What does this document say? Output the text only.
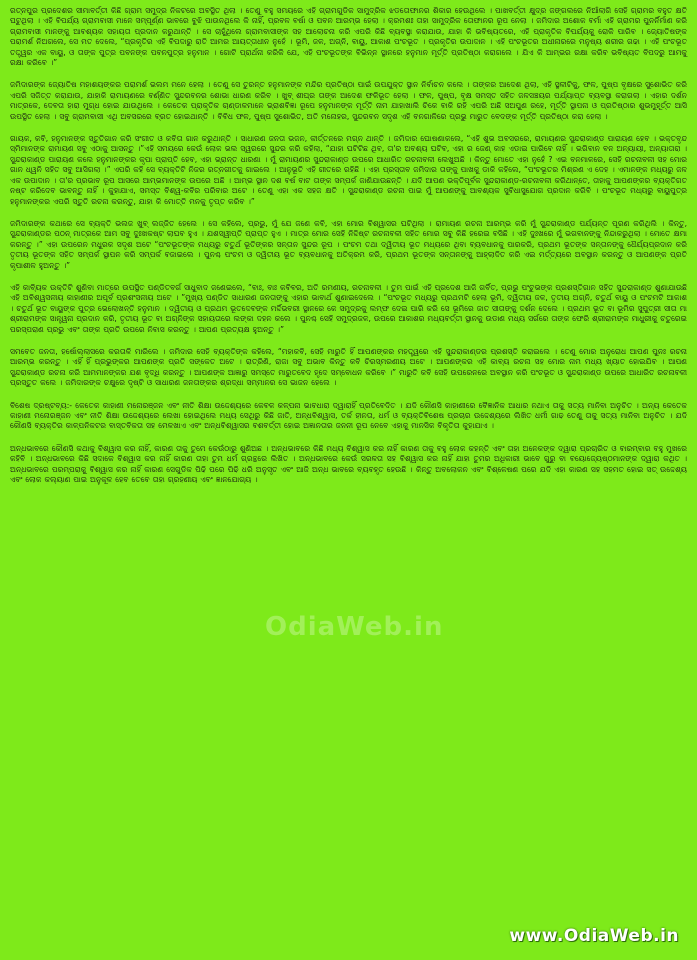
ରତ୍ନପୁର ପ୍ରଦେଶର ସୀମାବର୍ତ୍ତୀ କିଛି ଗ୍ରାମ ସମୁଦ୍ର ନିକଟରେ ଅବସ୍ଥିତ ଥିଲା । ତେଣୁ ବହୁ ସମୟରେ ଏହି ଗ୍ରାମଗୁଡିକ ସାମୁଦ୍ରିକ ଝଡତୋଫାନର ଶିକାର ହେଉଥିଲେ । ପାଖବର୍ତ୍ତୀ କ୍ଷୁଦ୍ର ଜଙ୍ଗଲରେ ନିଆଁଲାଗି ସେହି ଗ୍ରାମର ବହୁତ କ୍ଷତି ଘଟୁଥିଲା । ଏହି ବିପର୍ଯ୍ୟ ଗ୍ରାମବାସୀ ମାନେ ସମ୍ପୂର୍ଣ୍ଣ ଭାବରେ ବୁଝି ପାଉନଥିଲେ କି ନାହିଁ, ପ୍ରବଳ ବର୍ଷା ଓ ପବନ ଆରମ୍ଭ ହେଲା । କ୍ରମଶଃ ତାହା ସାମୁଦ୍ରିକ ତୋଫାନର ରୂପ ନେଲା । ଜମିଦାର ଅଶୋକ ବର୍ମା ଏହି ଗ୍ରାମର ପୁନର୍ନିର୍ମାଣ କରି ଗ୍ରାମବାସୀ ମାନଙ୍କୁ ଆବଶ୍ୟକ ସହାୟତା ପ୍ରଦାନ କରୁଥାନ୍ତି । ସେ ଚାହୁଁଥିଲେ ଗ୍ରାମବାସୀଙ୍କ ସହ ଆଲୋଚନା କରି ଏପରି କିଛି ବ୍ୟବସ୍ଥା କରାଯାଉ, ଯାହା କି ଭବିଷ୍ୟତରେ, ଏହି ପ୍ରାକୃତିକ ବିପର୍ଯ୍ୟକୁ ରୋକି ପାରିବ । ଜ୍ୟୋତିଷଙ୍କ ପରାମର୍ଶ ନିଅଗଲେ, ସେ ମତ ଦେଲେ, “ପ୍ରକୃତିର ଏହି ବିପଦାରୁ ରାତି ଆମର ଆୟତ୍ତାଧୀନ ନୁହେଁ । ଭୂମି, ଜଳ, ଅଗ୍ନି, ବାୟୁ, ଆକାଶ ପଂଚଭୂତ । ପ୍ରକୃତିର ଉପାଦାନ । ଏହି ପଂଚଭୂତର ଅଧୀନାରରେ ମନୁଷ୍ୟ ଶରୀର ଗଢା । ଏହି ପଂଚଭୂତ ତତ୍ତ୍ୱର ଏକ ବାୟୁ, ଓ ତାଙ୍କ ପୁତ୍ର ପବନଙ୍କ ପବନପୁତ୍ର ହନୁମାନ । ଗୋଟି ପ୍ରାର୍ଥନା କରିକି ଯେ, ଏହି ପଂଚଭୂତଙ୍କ ବିଭିନ୍ନ ସ୍ଥାନରେ ହନୁମାନ ମୂର୍ତ୍ତି ପ୍ରତିଷ୍ଠା କରାଗଲେ । ଯିଏ କି ଆମ୍ଭର ରକ୍ଷା କରିବ ଭବିଷ୍ୟତ ବିପଦରୁ ଆମକୁ ରକ୍ଷା କରିବେ ।”

ଜମିଦାରଙ୍କ ଜ୍ୟୋତିଷ ମହାଶୟଙ୍କର ପରାମର୍ଶ ଭଲମ ମନେ ହେଲା । ତେଣୁ ସେ ତୁରନ୍ତ ହନୁମାନଙ୍କ ମନ୍ଦିର ପ୍ରତିଷ୍ଠା ପାଇଁ ଉପଯୁକ୍ତ ସ୍ଥାନ ନିର୍ବାଚନ କଲେ । ତାଙ୍କର ଆଦେଶ ଥିଲା, ଏହି ସ୍ଥଳୀଟିକୁ, ଫଳ, ପୁଷ୍ପ ବୃକ୍ଷରେ ସୁଶୋଭିତ କରି ଏପରି ସଜିତ୍ତ କରାଯାଉ, ଯାହାକି ରାମାୟଣରେ ବର୍ଣ୍ଣିତ ସୁନ୍ଦରବନର ଶୋଭା ଧାରଣ କରିବ । ଖୁବ୍ ଶୀଘ୍ର ତାଙ୍କ ଆଦେଶ ଫଳିଭୂତ ହେଲା । ଫଳ, ପୁଷ୍ପ, ବୃକ୍ଷ ସମସ୍ତ ସହିତ ଜଳସଞ୍ଚୟର ପର୍ଯ୍ୟାପ୍ତ ବ୍ୟବସ୍ଥା କରାଗଲା । ଏହାର ଦର୍ଶନ ମାତ୍ରକେ, ଦେବତା ହାରା ମୁଗ୍ଧ ହୋଇ ଯାଉଥିଲେ । କେତେକ ପ୍ରାକୃତିକ ଚାଣ୍ଡାଳମାନେ ଭ୍ରାଶବିଜ୍ଞା ରୂପେ ହନୁମାନଙ୍କ ମୂର୍ତ୍ତି ନାମ ଯାହାଖାଲି ଚିକେ ବାକି ରହି ଏପରି ଅଛି ସଅପୁଣ ରହେ, ମୂର୍ତ୍ତି ସ୍ଥାପନା ଓ ପ୍ରତିଷ୍ଠାର ଶୁଭମୁହୂର୍ତ୍ତ ଆସି ଉପସ୍ଥିତ ହେଲା । ସବୁ ଗ୍ରାମବାସୀ ଏଥି ଅବସରରେ ବ୍ରତ ହୋଇଥାନ୍ତି । ବିବିଧ ଫଳ, ପୁଷ୍ପ ସୁଶୋଭିତ, ଅତି ମନୋହର, ସୁନ୍ଦରବନ ସଦୃଶ ଏହି ବନଗାଳିରେ ପ୍ରଭୁ ମାରୁତ ବେଦଙ୍କ ମୂର୍ତ୍ତି ପ୍ରତିଷ୍ଠା କରା ହେଲା ।

ଗାୟକ, କବି, ହନୁମାନଙ୍କ ସ୍ତୁତିଗାନ କରି ସଂଗୀତ ଓ କବିତା ଗାନ କରୁଥାନ୍ତି । ସାଧାରଣ ଜନତା ଭଜନ, କୀର୍ତ୍ତନରେ ମଗ୍ନ ଥାନ୍ତି । ଜମିଦାର ଘୋଷଣାକଲେ, “ଏହି ଶୁଭ ଅବସରରେ, ରାମାୟଣର ସୁନ୍ଦରାକାଣ୍ଡ ପାରାୟଣ ହେବ । ଭକ୍ତବୃନ୍ଦ ସ୍ମିମାନଙ୍କ ରାମାୟଣ ସବୁ ଏଠାକୁ ଆସନ୍ତୁ ।”ଏହି ସମୟରେ କେଉଁ ଲୋକ ଭଲ ସ୍ୱରରେ ସୁନ୍ଦର କରି କହିଲା, “ଯାହା ଘଟିଟିଛ ଥିବ, ତା'ର ଅବଶ୍ୟ ଘଟିବ, ଏହା ର ଜେଣ୍ କାହ ଏଡାଇ ପାରିବେ ନାହିଁ । ଭଗିବାନ ବନ ଅନ୍ୟାୟୀ, ଅନ୍ୟାତାରା । ସୁନ୍ଦରାକାଣ୍ଡ ପାରାୟଣ କଲେ ହନୁମାନଙ୍କର କୃପା ପ୍ରାପ୍ତି ହେବ, ଏହା ଭ୍ରାନ୍ତ ଧାରଣା । ମୁଁ ରାମାୟଣର ସୁନ୍ଦରାକାଣ୍ଡ ଉପରେ ଆଧାରିତ ରଚନାବଳୀ ଲେଖୁଅଛି । କିନ୍ତୁ ମୋତେ ଏହା ନୁହେଁ ? ଏଇ ବନମାଳରେ, ସେହି ରଚନାବଳୀ ସହ ମୋର ଗାନ ଧ୍ୱନି ସହିତ ସବୁ ଆସିଗଲା ।” ଏପରି କହି ସେ ବ୍ୟକ୍ତିଟି ନିଜର ରତ୍ନଗୀତକୁ ଗାଇଲେ । ଆନୁଭୂତି ଏହି ଗୀତରେ ରହିଛି । ଏହା ପ୍ରସ୍ତାବ ଜମିଦାର ତାଙ୍କୁ ପାଖକୁ ଡାକି କହିଲେ, “ପଂଚଭୂତର ମିଶ୍ରଣ ଏ ଦେହ । ଏମାନଙ୍କ ମଧ୍ୟରୁ ଜଳ ଏକ ଉପାଦାନ । ତା'ର ପ୍ରଭାବ ରୂପ ଆସରେ ଆମ୍ଭମାନଙ୍କ ଉପରେ ଅଛି । ଆମ୍ଭ ସ୍ଥାନ ଦଶ ବର୍ଷ ବାଟ ତାଙ୍କ ସମ୍ପର୍କ ଜାଣିଯାଉଛନ୍ତି । ଯଦି ଆପଣ ଭକ୍ତିପୂର୍ବକ ସୁନ୍ଦରାକାଣ୍ଡ-ରଚନାବଳୀ କରିଥାନ୍ତେ, ତାହାକୁ ଆପଣଙ୍କର ବ୍ୟକ୍ତିଗତ ନଷ୍ଟ କରିଦେବ ଭାବନ୍ତୁ ନାହିଁ । କୁହାଯାଏ, ସମସ୍ତ ବିଶ୍ୱ-କବିର ପରିବାର ଅଟେ । ତେଣୁ ଏହା ଏକ ସହଜ କ୍ଷତି । ସୁନ୍ଦରାକାଣ୍ଡ ରଚନା ପାଇ ମୁଁ ଆପଣଙ୍କୁ ଆବଶ୍ୟକ ସୁବିଧାସୁଯୋଗ ପ୍ରଦାନ କରିବି । ପଂଚଭୂତ ମଧ୍ୟରୁ ବାୟୁପୁତ୍ର ହନୁମାନଙ୍କର ଏପରି ସ୍ତୁତି ରଚନା କରନ୍ତୁ, ଯାହା କି ମୋତ୍ତି ମନକୁ ତୃପ୍ତ କରିବ ।”

ଜମିଦାରଙ୍କ କଥାରେ ସେ ବ୍ୟକ୍ତି ଭଲଜ ଖୁବ୍ ଲଜ୍ଜିତ ହେଲେ । ସେ କହିଲେ, ପ୍ରଭୁ, ମୁଁ ଯେ ଜଣେ କବି, ଏହା ମୋର ବିଶ୍ୱାସର ଘଟିଥିଲା । ରାମାୟଣ ରଚନା ଆରମ୍ଭ କରି ମୁଁ ସୁନ୍ଦରାକାଣ୍ଡ ପର୍ଯ୍ୟନ୍ତ ପୂରଣ କରିଥିଲି । କିନ୍ତୁ, ସୁନ୍ଦରାକାଣ୍ଡର ପଠନ୍ ମାତ୍ରକେ ଆମ ସବୁ ଦୁଃଖକଷ୍ଟ ଲାଘବ ହୁଏ । ଯଶସ୍ୱୀପ୍ତି ପ୍ରାପ୍ତ ହୁଏ । ମାତ୍ର ମୋର ସେହି ନିଦ୍ଦିଷ୍ଟ ରଚନାବଳୀ ସହିତ ମୋର ସବୁ କିଛି ହରେଇ ବସିଛି । ଏହି ଦୁଃଖରେ ମୁଁ ଭଗବାନଙ୍କୁ ନିନ୍ଦାକରୁଥିଲା । ମୋତେ କ୍ଷମା କରନ୍ତୁ ।” ଏହା ଉପରେନ ମଧୁରକ ସଦୃଶ ଅଟେ “ପଂଚଭୂତଙ୍କ ମଧ୍ୟରୁ ଚତୁର୍ଥ ଭୂତିଙ୍କର ସନ୍ତାନ ସୁନ୍ଦର ରୂପ । ପଂଚମ ତଥା ଦ୍ୱିତୀୟ ଭୂତ ମଧ୍ୟରେ ଥିବା ବ୍ୟବଧାନକୁ ପାରକରି, ପ୍ରଥମ ଭୂତଙ୍କ ସନ୍ତାନଙ୍କୁ ଧୈର୍ଯ୍ୟପ୍ରଦାନ କରି ତୃତୀୟ ଭୂତଙ୍କ ସହିତ ସମ୍ପର୍କ ସ୍ଥାପନ କରି ସମ୍ପର୍କ ବଜାଇଲେ । ପୁନଶ୍ଚ ପଂଚମ ଓ ଦ୍ୱିତୀୟ ଭୂତ ବ୍ୟବଧାନକୁ ଅତିକ୍ରମ କରି, ପ୍ରଥମ ଭୂତଙ୍କ ସନ୍ତାନଙ୍କୁ ଆହ୍ଲାଦିତ କରି ଏଇ ମର୍ତ୍ତ୍ୟରେ ଅବସ୍ଥାନ କରନ୍ତୁ ଓ ଆପଣଙ୍କ ପ୍ରତି କୃପାଶୀଳ ହୁଅନ୍ତୁ ।”

ଏହି କାବ୍ୟିକ ଉକ୍ତିଟି ଶୁଣିବା ମାତ୍ରେ ଉପସ୍ଥିତ ପଣ୍ଡିତବର୍ଗ ସାଧୁବାଦ ଜଣେଇଲେ, “ବାଃ, ବାଃ କବିବର, ଅତି ରମଣୀୟ, ରଚନାବଳୀ । ତୁମ ପାଇଁ ଏହି ପ୍ରଦେଶ ଆଜି ଗର୍ବିତ, ପ୍ରଭୁ ପଂଚୁଭଙ୍କ ପ୍ରଶସ୍ତିଗାନ ସହିତ ସୁନ୍ଦରାକାଣ୍ଡ ଶୁଣାଯାଉଛି ଏହି ଅବିଶ୍ୱସନୀୟ କାହାଣୀର ଅପୂର୍ବ ପ୍ରଶଂସନୀୟ ଅଟେ । ”ମୁଖ୍ୟ ପଣ୍ଡିତ ସାଧାରଣ ଜନତାଙ୍କୁ ଏହାର ଭାବାର୍ଥ ଶୁଣାଇଦେଲେ । “ପଂଚଭୂତ ମଧ୍ୟରୁ ପ୍ରଥମଟି ହେଲା ଭୂମି, ଦ୍ୱିତୀୟ ଜଳ, ତୃତୀୟ ଅଗ୍ନି, ଚତୁର୍ଥ ବାୟୁ ଓ ପଂଚମଟି ଆକାଶ । ଚତୁର୍ଥ ଭୂତ ବାୟୁଙ୍କ ପୁତ୍ର ଭେଲୋଖନ୍ତି ହନୁମାନ । ଦ୍ୱିତୀୟ ଓ ପ୍ରଥମ ଭୂତଦେବଙ୍କ ମର୍ଦ୍ଦିଭବରୀ ସ୍ଥାନରେ କେ ସମୁଦ୍ରକୁ ଲମ୍ଫ ଦେଇ ପାରି କରି ସେ ଭୂମିରେ ଜାତ ସୀତାଙ୍କୁ ଦର୍ଶନ ଦେଲେ । ପ୍ରଥମ ଭୂତ ବା ଭୂମିର ସୁପୁତ୍ରୀ ସୀତା ମା ଶ୍ରୀରାମଙ୍କ ସାନ୍ତ୍ୱନା ପ୍ରଦାନ କରି, ତୃତୀୟ ଭୂତ ବା ଅଗ୍ନିଙ୍କ ସହାୟତାରେ ଲଙ୍କା ଦହନ କଲେ । ପୁନଶ୍ଚ ସେହି ସମୁଦ୍ରଜଳ, ଉପରେ ଆକାଶର ମଧ୍ୟବର୍ତ୍ତୀ ସ୍ଥାନକୁ ଉଡାଣ ମଧ୍ୟ ସର୍ଗରେ ତାଙ୍କ ଫେରି ଶ୍ରୀରାମଙ୍କ ମାଧୁରୀକୁ ଚତୁରେଇ ପରସ୍ପରାଣ ପ୍ରଭୁ ଏବଂ ତାଙ୍କ ପ୍ରତି ଉପରେ ନିବାସ କରନ୍ତୁ । ଆପଣ ପ୍ରତ୍ୟକ୍ଷ ହୁଅନ୍ତୁ ।”

ସମବେତ ଜନତା, ହର୍ଷୋଲ୍ଲାସରେ କରତାଳି ମାରିଲେ । ଜମିଦାର ସେହି ବ୍ୟକ୍ତିଙ୍କ କହିଲେ, “ମହାକବି, ସେହି ମାରୁତି ହିଁ ଆପଣଙ୍କର ମହତ୍ତ୍ୱରେ ଏହି ସୁନ୍ଦରାକାଣ୍ଡର ପ୍ରଶସ୍ତି କରାଇଲେ । ତେଣୁ ମୋର ଅନୁରୋଧ ଆପଣ ପୁନଃ ରଚନା ଆରମ୍ଭ କରନ୍ତୁ । ଏହିଁ ହିଁ ପ୍ରଭୁଙ୍କର ଆପଣଙ୍କ ପ୍ରତି ସଙ୍କେତ ଅଟେ । ରାତ୍ରିଣି, ରାଜା ସବୁ ଅଭାବ କିନ୍ତୁ କବି ଚିରସ୍ମରଣୀୟ ଅଟେ । ଆପଣଙ୍କର ଏହି କାବ୍ୟ ରଚନା ସହ ମୋର ନାମ ମଧ୍ୟ ଖ୍ୟାତ ହୋଇଯିବ । ଆପଣ ସୁନ୍ଦରାକାଣ୍ଡ ରଚନା କରି ଆମମାନଙ୍କର ଯଶ ବୃଦ୍ଧି କରନ୍ତୁ । ଆପଣଙ୍କ ଆଜ୍ଞାରୁ ସମସ୍ତେ ମାରୁତବେଦ ହୃଦେ ସମ୍ବୋଧନ କରିବେ ।” ମାରୁତି କବି ସେହି ଉପରେନରେ ଅବସ୍ଥାନ କରି ପଂଚଭୂତ ଓ ସୁନ୍ଦରାକାଣ୍ଡ ଉପରେ ଆଧାରିତ ରଚନାବଳୀ ପ୍ରସ୍ତୁତ କଲେ । ଜମିଦାରଙ୍କ ଚକ୍ଷୁରେ ଦୃଷ୍ଟି ଓ ସାଧାରଣ ଜନତାଙ୍କର ଶ୍ରଦ୍ଧା ସମ୍ମାନର ସେ ଭାଜନ ହେଲେ ।

ବିଶେଷ ଦ୍ରଷ୍ଟବ୍ୟ:- କେତେକ କାହାଣୀ ମନୋରଞ୍ଜନ ଏବଂ ନୀତି ଶିକ୍ଷା ଉଦ୍ଦେଶ୍ୟରେ କେବଳ କଳ୍ପନା ଭାବଧାରା ଦ୍ୱାରାହିଁ ପ୍ରତିବେଦିତ । ଯଦି କୌଣସି କାହାଣୀରେ ବୈଜ୍ଞାନିକ ଆଧାର ନଥାଏ ତାକୁ ସତ୍ୟ ମାନିବା ଅନୁଚିତ । ଅନ୍ୟ କେତେକ କାହାଣୀ ମନୋରଞ୍ଜନ ଏବଂ ନୀତି ଶିକ୍ଷା ଉଦ୍ଦେଶ୍ୟରେ ଲେଖା ହୋଇଥିଲେ ମଧ୍ୟ ସେଥିରୁ କିଛି ଜାତି, ଅନ୍ଧବିଶ୍ୱାସ, ତର୍କ ହୀନତା, ଧର୍ମ ଓ ବ୍ୟକ୍ତିବିଶେଷ ପ୍ରଚାର ଉଦ୍ଦେଶ୍ୟରେ ଲିଖିତ ଧର୍ମୀ ଗାଢ ତେଣୁ ତାକୁ ସତ୍ୟ ମାନିବା ଅନୁଚିତ । ଯଦି କୌଣସି ବ୍ୟକ୍ତିର କାଳ୍ପନିକଟର ବାସ୍ତବିକତା ସହ ମେଳଖାଏ ଏବଂ ଅନ୍ଧବିଶ୍ୱାସର ବଶବର୍ତ୍ତୀ ହୋଇ ଅଜ୍ଞାନତାର ଜନନୀ ରୂପ ନେବେ ଏହାକୁ ମାନସିକ ବିକୃତିତା କୁହାଯାଏ ।

ଅନ୍ଧଭାବରେ କୌଣସି କଥାକୁ ବିଶ୍ୱାସ କର ନାହିଁ, କାରଣ ତାକୁ ତୁମେ କେଉଁଠାରୁ ଶୁଣିଅଛ । ଅନ୍ଧଭାବରେ କିଛି ମଧ୍ୟ ବିଶ୍ୱାସ କର ନାହିଁ କାରଣ ତାକୁ ବହୁ ଲୋକ କହନ୍ତି ଏବଂ ତାହା ଅନେକଙ୍କ ଦ୍ୱାରା ପ୍ରଚାରିତ ଓ ବାରମ୍ବାର ବହୁ ମୁଖରେ କହିବି । ଅନ୍ଧଭାବରେ କିଛି ସଦାକେ ବିଶ୍ୱାସ କର ନାହିଁ କାରଣ ତାହା ତୁମ ଧର୍ମ ଗ୍ରନ୍ଥରେ ଲିଖିତ । ଅନ୍ଧଭାବରେ କେଉଁ ସରଳତା ସହ ବିଶ୍ୱାସ କର ନାହିଁ ଯାହା ତୁମର ଅଧିକାରୀ ଭାବେ ଗୁରୁ ବା ବୟୋଜ୍ୟେଷ୍ଠମାନଙ୍କ ଦ୍ୱାରା କଥିତ । ଅନ୍ଧଭାବରେ ପରମ୍ପରାକୁ ବିଶ୍ୱାସ କର ନାହିଁ କାରଣ ସେଗୁଡିକ ପିଢି ପରେ ପିଢି ଧରି ଅନୁସୃତ ଏବଂ ଆଜି ଅନ୍ଧ ଭାବରେ ବ୍ୟବହୃତ ହେଉଛି । କିନ୍ତୁ ଅବଲୋକନ ଏବଂ ବିଶ୍ଳେଷଣ ପରେ ଯଦି ଏହା କାରଣ ସହ ସହମତ ହୋଇ ସତ୍ ଉଦ୍ଦେଶ୍ୟ ଏବଂ ଲୋକ କଲ୍ୟାଣ ପାଇ ଅନୁକୂଳ ହେବ ତେବେ ତାହା ଗ୍ରହଣୀୟ ଏବଂ ଜ୍ଞାନଯୋଗ୍ୟ ।

OdiaWeb.in
www.OdiaWeb.in
